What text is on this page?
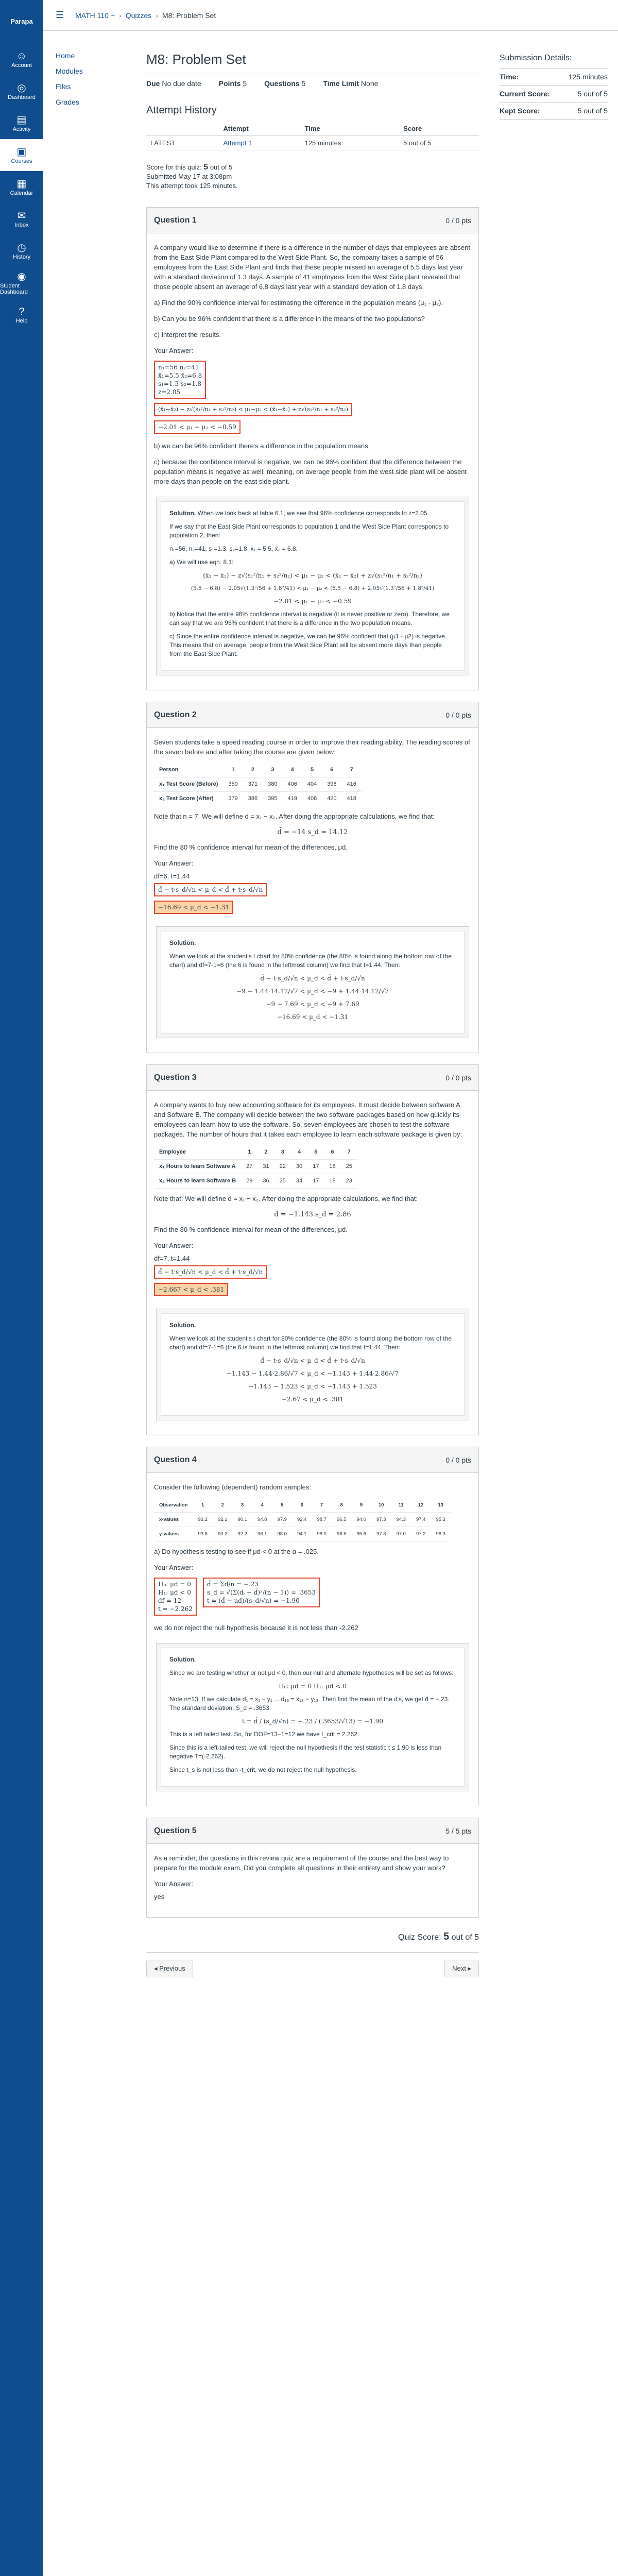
Parapa
☺
Account
◎
Dashboard
▤
Activity
▣
Courses
▦
Calendar
✉
Inbox
◷
History
◉
Student Dashboard
?
Help
☰ MATH 110 ~ › Quizzes › M8: Problem Set
Home
Modules
Files
Grades
M8: Problem Set
Due No due date Points 5 Questions 5 Time Limit None
Attempt History
	Attempt	Time	Score
LATEST	Attempt 1	125 minutes	5 out of 5
Score for this quiz: 5 out of 5
Submitted May 17 at 3:08pm
This attempt took 125 minutes.
Question 1	0 / 0 pts

A company would like to determine if there is a difference in the number of days that employees are absent from the East Side Plant compared to the West Side Plant. So, the company takes a sample of 56 employees from the East Side Plant and finds that these people missed an average of 5.5 days last year with a standard deviation of 1.3 days. A sample of 41 employees from the West Side plant revealed that those people absent an average of 6.8 days last year with a standard deviation of 1.8 days.

a) Find the 90% confidence interval for estimating the difference in the population means (μ₁ - μ₂).

b) Can you be 96% confident that there is a difference in the means of the two populations?

c) Interpret the results.

Your Answer:
n₁=56 n₂=41
x̄₁=5.5 x̄₂=6.8
s₁=1.3 s₂=1.8
z=2.05
(x̄₁−x̄₂) − z√(s₁²/n₁ + s₂²/n₂) < μ₁−μ₂ < (x̄₁−x̄₂) + z√(s₁²/n₁ + s₂²/n₂)
−2.01 < μ₁ − μ₂ < −0.59

b) we can be 96% confident there's a difference in the population means

c) because the confidence interval is negative, we can be 96% confident that the difference between the population means is negative as well, meaning, on average people from the west side plant will be absent more days than people on the east side plant.

Solution. When we look back at table 6.1, we see that 96% confidence corresponds to z=2.05.

If we say that the East Side Plant corresponds to population 1 and the West Side Plant corresponds to population 2, then:

n₁=56, n₂=41, s₁=1.3, s₂=1.8, x̄₁ = 5.5, x̄₂ = 6.8.

a) We will use eqn. 8.1:

(x̄₁ − x̄₂) − z√(s₁²/n₁ + s₂²/n₂) < μ₁ − μ₂ < (x̄₁ − x̄₂) + z√(s₁²/n₁ + s₂²/n₂)
(5.5 − 6.8) − 2.05√(1.3²/56 + 1.8²/41) < μ₁ − μ₂ < (5.5 − 6.8) + 2.05√(1.3²/56 + 1.8²/41)
−2.01 < μ₁ − μ₂ < −0.59

b) Notice that the entire 96% confidence interval is negative (it is never positive or zero). Therefore, we can say that we are 96% confident that there is a difference in the two population means.

c) Since the entire confidence interval is negative, we can be 96% confident that (μ1 - μ2) is negative. This means that on average, people from the West Side Plant will be absent more days than people from the East Side Plant.

Question 2	0 / 0 pts

Seven students take a speed reading course in order to improve their reading ability. The reading scores of the seven before and after taking the course are given below:

Person	1	2	3	4	5	6	7
x₁ Test Score (Before)	350	371	380	406	404	398	416
x₂ Test Score (After)	379	386	395	419	408	420	418

Note that n = 7. We will define d = x₁ − x₂. After doing the appropriate calculations, we find that:

d̄ = −14 s_d = 14.12

Find the 80 % confidence interval for mean of the differences, μd.

Your Answer:
df=6, t=1.44
d̄ − t·s_d/√n < μ_d < d̄ + t·s_d/√n
−16.69 < μ_d < −1.31

Solution.

When we look at the student's t chart for 80% confidence (the 80% is found along the bottom row of the chart) and df=7-1=6 (the 6 is found in the leftmost column) we find that t=1.44. Then:

d̄ − t·s_d/√n < μ_d < d̄ + t·s_d/√n
−9 − 1.44·14.12/√7 < μ_d < −9 + 1.44·14.12/√7
−9 − 7.69 < μ_d < −9 + 7.69
−16.69 < μ_d < −1.31
Question 3	0 / 0 pts

A company wants to buy new accounting software for its employees. It must decide between software A and Software B. The company will decide between the two software packages based on how quickly its employees can learn how to use the software. So, seven employees are chosen to test the software packages. The number of hours that it takes each employee to learn each software package is given by:

Employee	1	2	3	4	5	6	7
x₁ Hours to learn Software A	27	31	22	30	17	18	25
x₂ Hours to learn Software B	29	36	25	34	17	18	23

Note that: We will define d = x₁ − x₂. After doing the appropriate calculations, we find that:

d̄ = −1.143 s_d = 2.86

Find the 80 % confidence interval for mean of the differences, μd.

Your Answer:
df=7, t=1.44
d̄ − t·s_d/√n < μ_d < d̄ + t·s_d/√n
−2.667 < μ_d < .381

Solution.

When we look at the student's t chart for 80% confidence (the 80% is found along the bottom row of the chart) and df=7-1=6 (the 6 is found in the leftmost column) we find that t=1.44. Then:

d̄ − t·s_d/√n < μ_d < d̄ + t·s_d/√n
−1.143 − 1.44·2.86/√7 < μ_d < −1.143 + 1.44·2.86/√7
−1.143 − 1.523 < μ_d < −1.143 + 1.523
−2.67 < μ_d < .381
Question 4	0 / 0 pts

Consider the following (dependent) random samples:

Observation	1	2	3	4	5	6	7	8	9	10	11	12	13
x-values	93.2	92.1	90.1	94.8	97.9	92.4	98.7	96.5	94.0	97.3	94.3	97.4	95.3
y-values	93.8	90.2	92.2	96.1	98.0	94.1	98.0	98.5	95.6	97.3	97.0	97.2	96.3

a) Do hypothesis testing to see if μd < 0 at the α = .025.

Your Answer:
H₀: μd = 0
H₁: μd < 0
df = 12
t = −2.262
d̄ = Σd/n = −.23
s_d = √(Σ(dᵢ − d̄)²/(n − 1)) = .3653
t = (d̄ − μd)/(s_d/√n) = −1.90

we do not reject the null hypothesis because it is not less than -2.262

Solution.

Since we are testing whether or not μd < 0, then our null and alternate hypotheses will be set as follows:

H₀: μd = 0 H₁: μd < 0

Note n=13. If we calculate d₁ = x₁ − y₁ ... d₁₃ = x₁₃ − y₁₃. Then find the mean of the d's, we get d̄ = −.23. The standard deviation, S_d = .3653.

t = d̄ / (s_d/√n) = −.23 / (.3653/√13) = −1.90

This is a left tailed test. So, for DOF=13−1=12 we have t_crit = 2.262.

Since this is a left-tailed test, we will reject the null hypothesis if the test statistic t ≤ 1.90 is less than negative T=(-2.262).

Since t_s is not less than -t_crit, we do not reject the null hypothesis.

Question 5	5 / 5 pts

As a reminder, the questions in this review quiz are a requirement of the course and the best way to prepare for the module exam. Did you complete all questions in their entirety and show your work?

Your Answer:

yes

Quiz Score: 5 out of 5
◂ Previous	Next ▸
Submission Details:
Time:	125 minutes
Current Score:	5 out of 5
Kept Score:	5 out of 5
